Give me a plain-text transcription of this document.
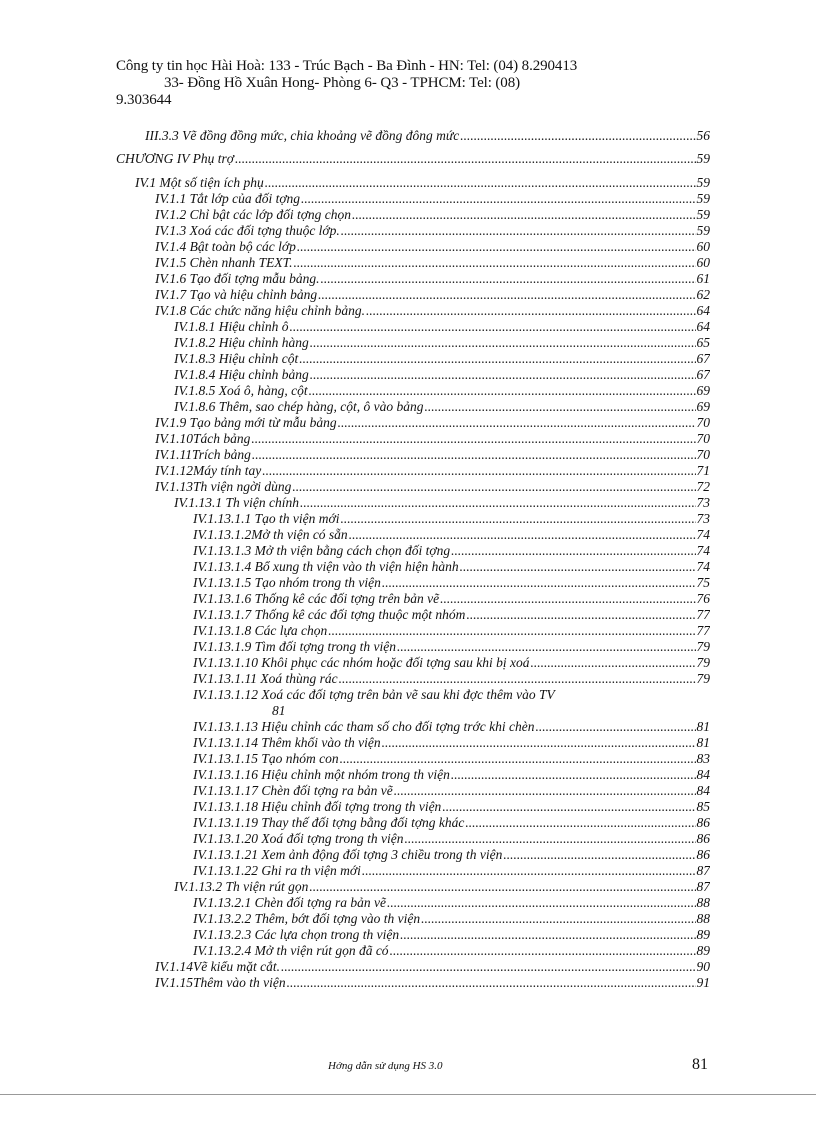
Công ty tin học Hài Hoà: 133 - Trúc Bạch - Ba Đình - HN: Tel: (04) 8.290413
33- Đồng Hồ Xuân Hong- Phòng 6- Q3 - TPHCM: Tel: (08)
9.303644
III.3.3 Vẽ đồng đồng mức, chia khoảng vẽ đồng đông mức .....	56
CHƯƠNG IV Phụ trợ .....	59
IV.1 Một số tiện ích phụ .....	59
IV.1.1 Tắt lớp của đối tợng .....	59
IV.1.2 Chỉ bật các lớp đối tợng chọn .....	59
IV.1.3 Xoá các đối tợng thuộc lớp. .....	59
IV.1.4 Bật toàn bộ các lớp .....	60
IV.1.5 Chèn nhanh TEXT. .....	60
IV.1.6 Tạo đối tợng mẫu bảng. .....	61
IV.1.7 Tạo và hiệu chỉnh bảng .....	62
IV.1.8 Các chức năng hiệu chỉnh bảng. .....	64
IV.1.8.1 Hiệu chỉnh ô .....	64
IV.1.8.2 Hiệu chỉnh hàng .....	65
IV.1.8.3 Hiệu chỉnh cột .....	67
IV.1.8.4 Hiệu chỉnh bảng .....	67
IV.1.8.5 Xoá ô, hàng, cột .....	69
IV.1.8.6 Thêm, sao chép hàng, cột, ô vào bảng .....	69
IV.1.9 Tạo bảng mới từ mẫu bảng .....	70
IV.1.10Tách bảng .....	70
IV.1.11Trích bảng .....	70
IV.1.12Máy tính tay .....	71
IV.1.13Th viện ngời dùng .....	72
IV.1.13.1 Th viện chính .....	73
IV.1.13.1.1 Tạo th viện mới .....	73
IV.1.13.1.2Mở th viện có sẵn .....	74
IV.1.13.1.3 Mở th viện bằng cách chọn đối tợng .....	74
IV.1.13.1.4 Bổ xung th viện vào th viện hiện hành .....	74
IV.1.13.1.5 Tạo nhóm trong th viện .....	75
IV.1.13.1.6 Thống kê các đối tợng trên bản vẽ .....	76
IV.1.13.1.7 Thống kê các đối tợng thuộc một nhóm .....	77
IV.1.13.1.8 Các lựa chọn .....	77
IV.1.13.1.9 Tìm đối tợng trong th viện .....	79
IV.1.13.1.10 Khôi phục các nhóm hoặc đối tợng sau khi bị xoá .....	79
IV.1.13.1.11 Xoá thùng rác .....	79
IV.1.13.1.12 Xoá các đối tợng trên bản vẽ sau khi đợc thêm vào TV
81
IV.1.13.1.13 Hiệu chỉnh các tham số cho đối tợng trớc khi chèn .....	81
IV.1.13.1.14 Thêm khối vào th viện .....	81
IV.1.13.1.15 Tạo nhóm con .....	83
IV.1.13.1.16 Hiệu chỉnh một nhóm trong th viện .....	84
IV.1.13.1.17 Chèn đối tợng ra bản vẽ .....	84
IV.1.13.1.18 Hiệu chỉnh đối tợng trong th viện .....	85
IV.1.13.1.19 Thay thế đối tợng bằng đối tợng khác .....	86
IV.1.13.1.20 Xoá đối tợng trong th viện .....	86
IV.1.13.1.21 Xem ảnh động đối tợng 3 chiều trong th viện .....	86
IV.1.13.1.22 Ghi ra th viện mới .....	87
IV.1.13.2 Th viện rút gọn .....	87
IV.1.13.2.1 Chèn đối tợng ra bản vẽ .....	88
IV.1.13.2.2 Thêm, bớt đối tợng vào th viện .....	88
IV.1.13.2.3 Các lựa chọn trong th viện .....	89
IV.1.13.2.4 Mở th viện rút gọn đã có .....	89
IV.1.14Vẽ kiểu mặt cắt. .....	90
IV.1.15Thêm vào th viện .....	91
Hớng dẫn sử dụng HS 3.0	81
